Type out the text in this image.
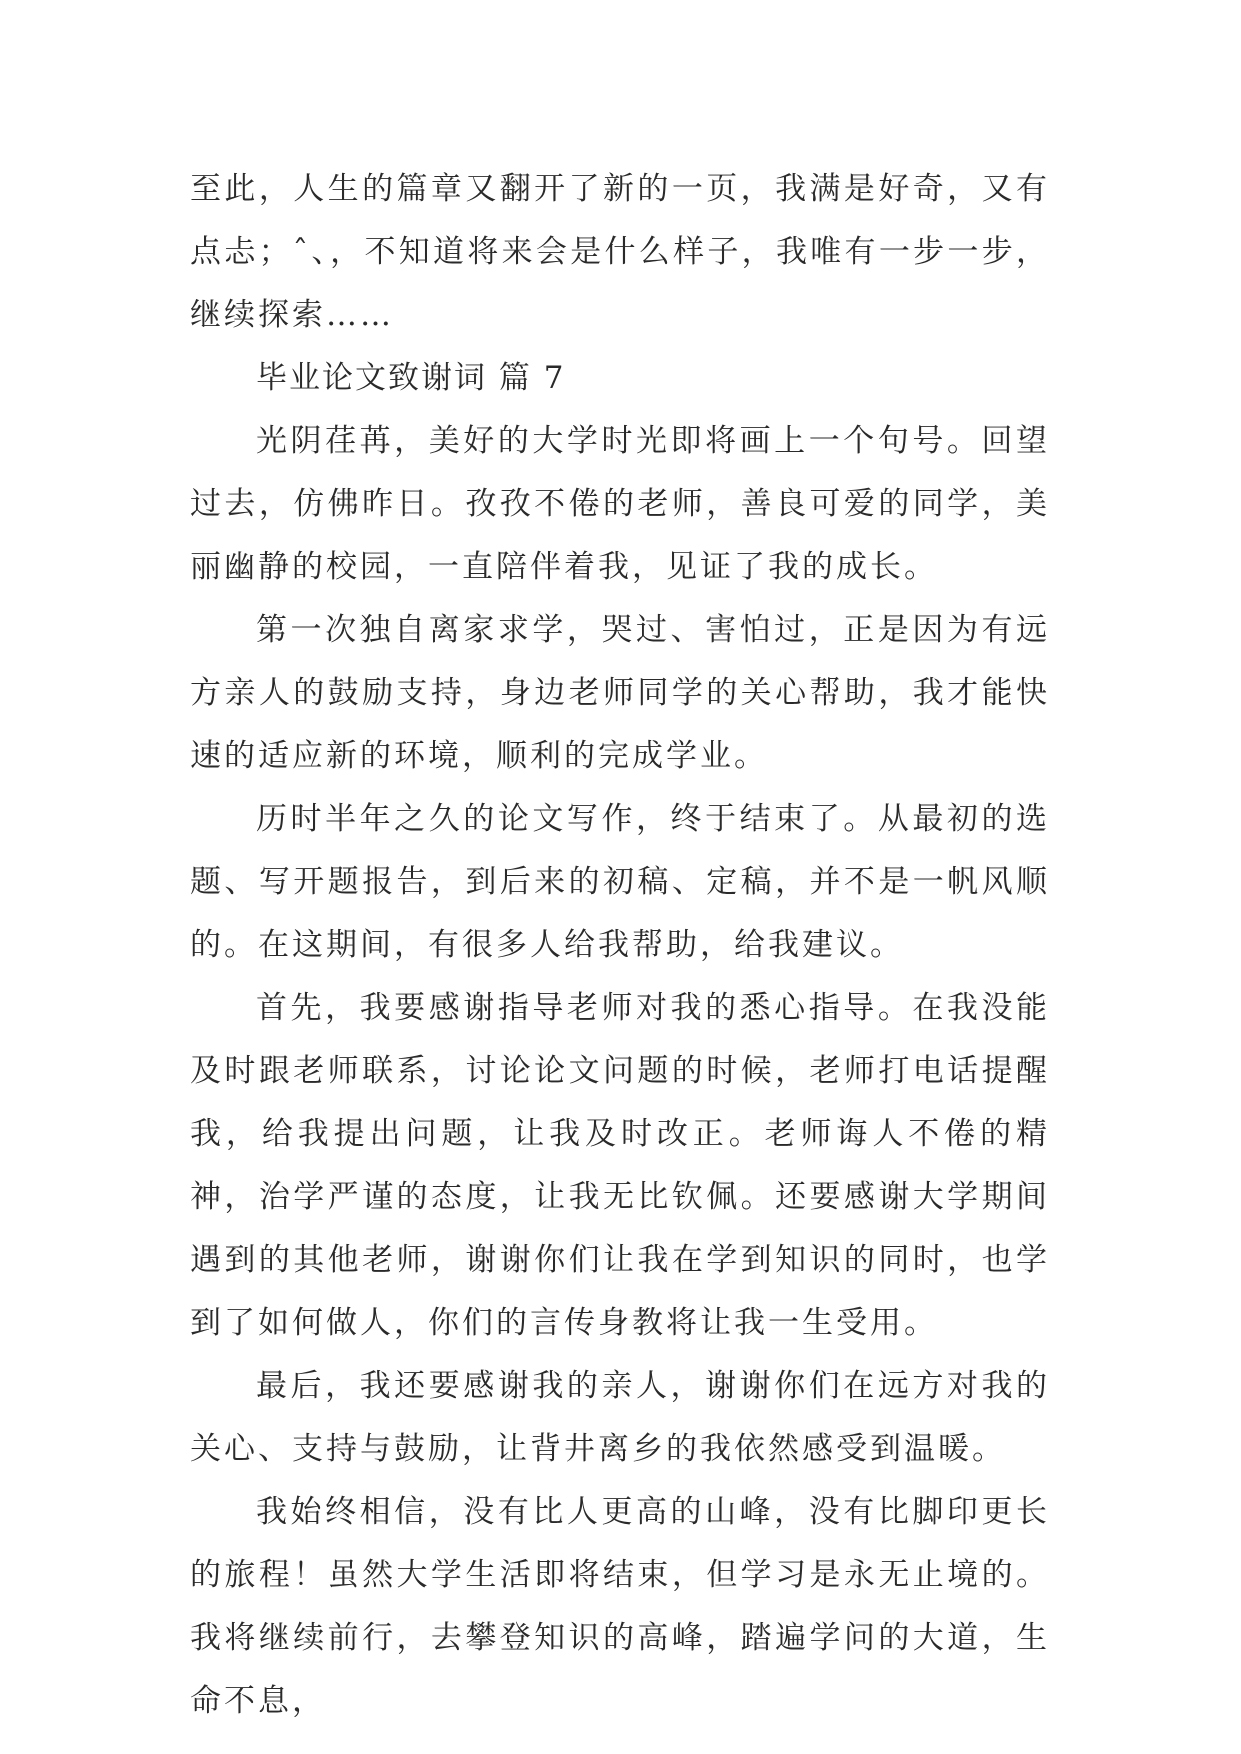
至此，人生的篇章又翻开了新的一页，我满是好奇，又有点忐；ˆ、，不知道将来会是什么样子，我唯有一步一步，继续探索……

毕业论文致谢词 篇 7

光阴荏苒，美好的大学时光即将画上一个句号。回望过去，仿佛昨日。孜孜不倦的老师，善良可爱的同学，美丽幽静的校园，一直陪伴着我，见证了我的成长。

第一次独自离家求学，哭过、害怕过，正是因为有远方亲人的鼓励支持，身边老师同学的关心帮助，我才能快速的适应新的环境，顺利的完成学业。

历时半年之久的论文写作，终于结束了。从最初的选题、写开题报告，到后来的初稿、定稿，并不是一帆风顺的。在这期间，有很多人给我帮助，给我建议。

首先，我要感谢指导老师对我的悉心指导。在我没能及时跟老师联系，讨论论文问题的时候，老师打电话提醒我，给我提出问题，让我及时改正。老师诲人不倦的精神，治学严谨的态度，让我无比钦佩。还要感谢大学期间遇到的其他老师，谢谢你们让我在学到知识的同时，也学到了如何做人，你们的言传身教将让我一生受用。

最后，我还要感谢我的亲人，谢谢你们在远方对我的关心、支持与鼓励，让背井离乡的我依然感受到温暖。

我始终相信，没有比人更高的山峰，没有比脚印更长的旅程！虽然大学生活即将结束，但学习是永无止境的。我将继续前行，去攀登知识的高峰，踏遍学问的大道，生命不息，
